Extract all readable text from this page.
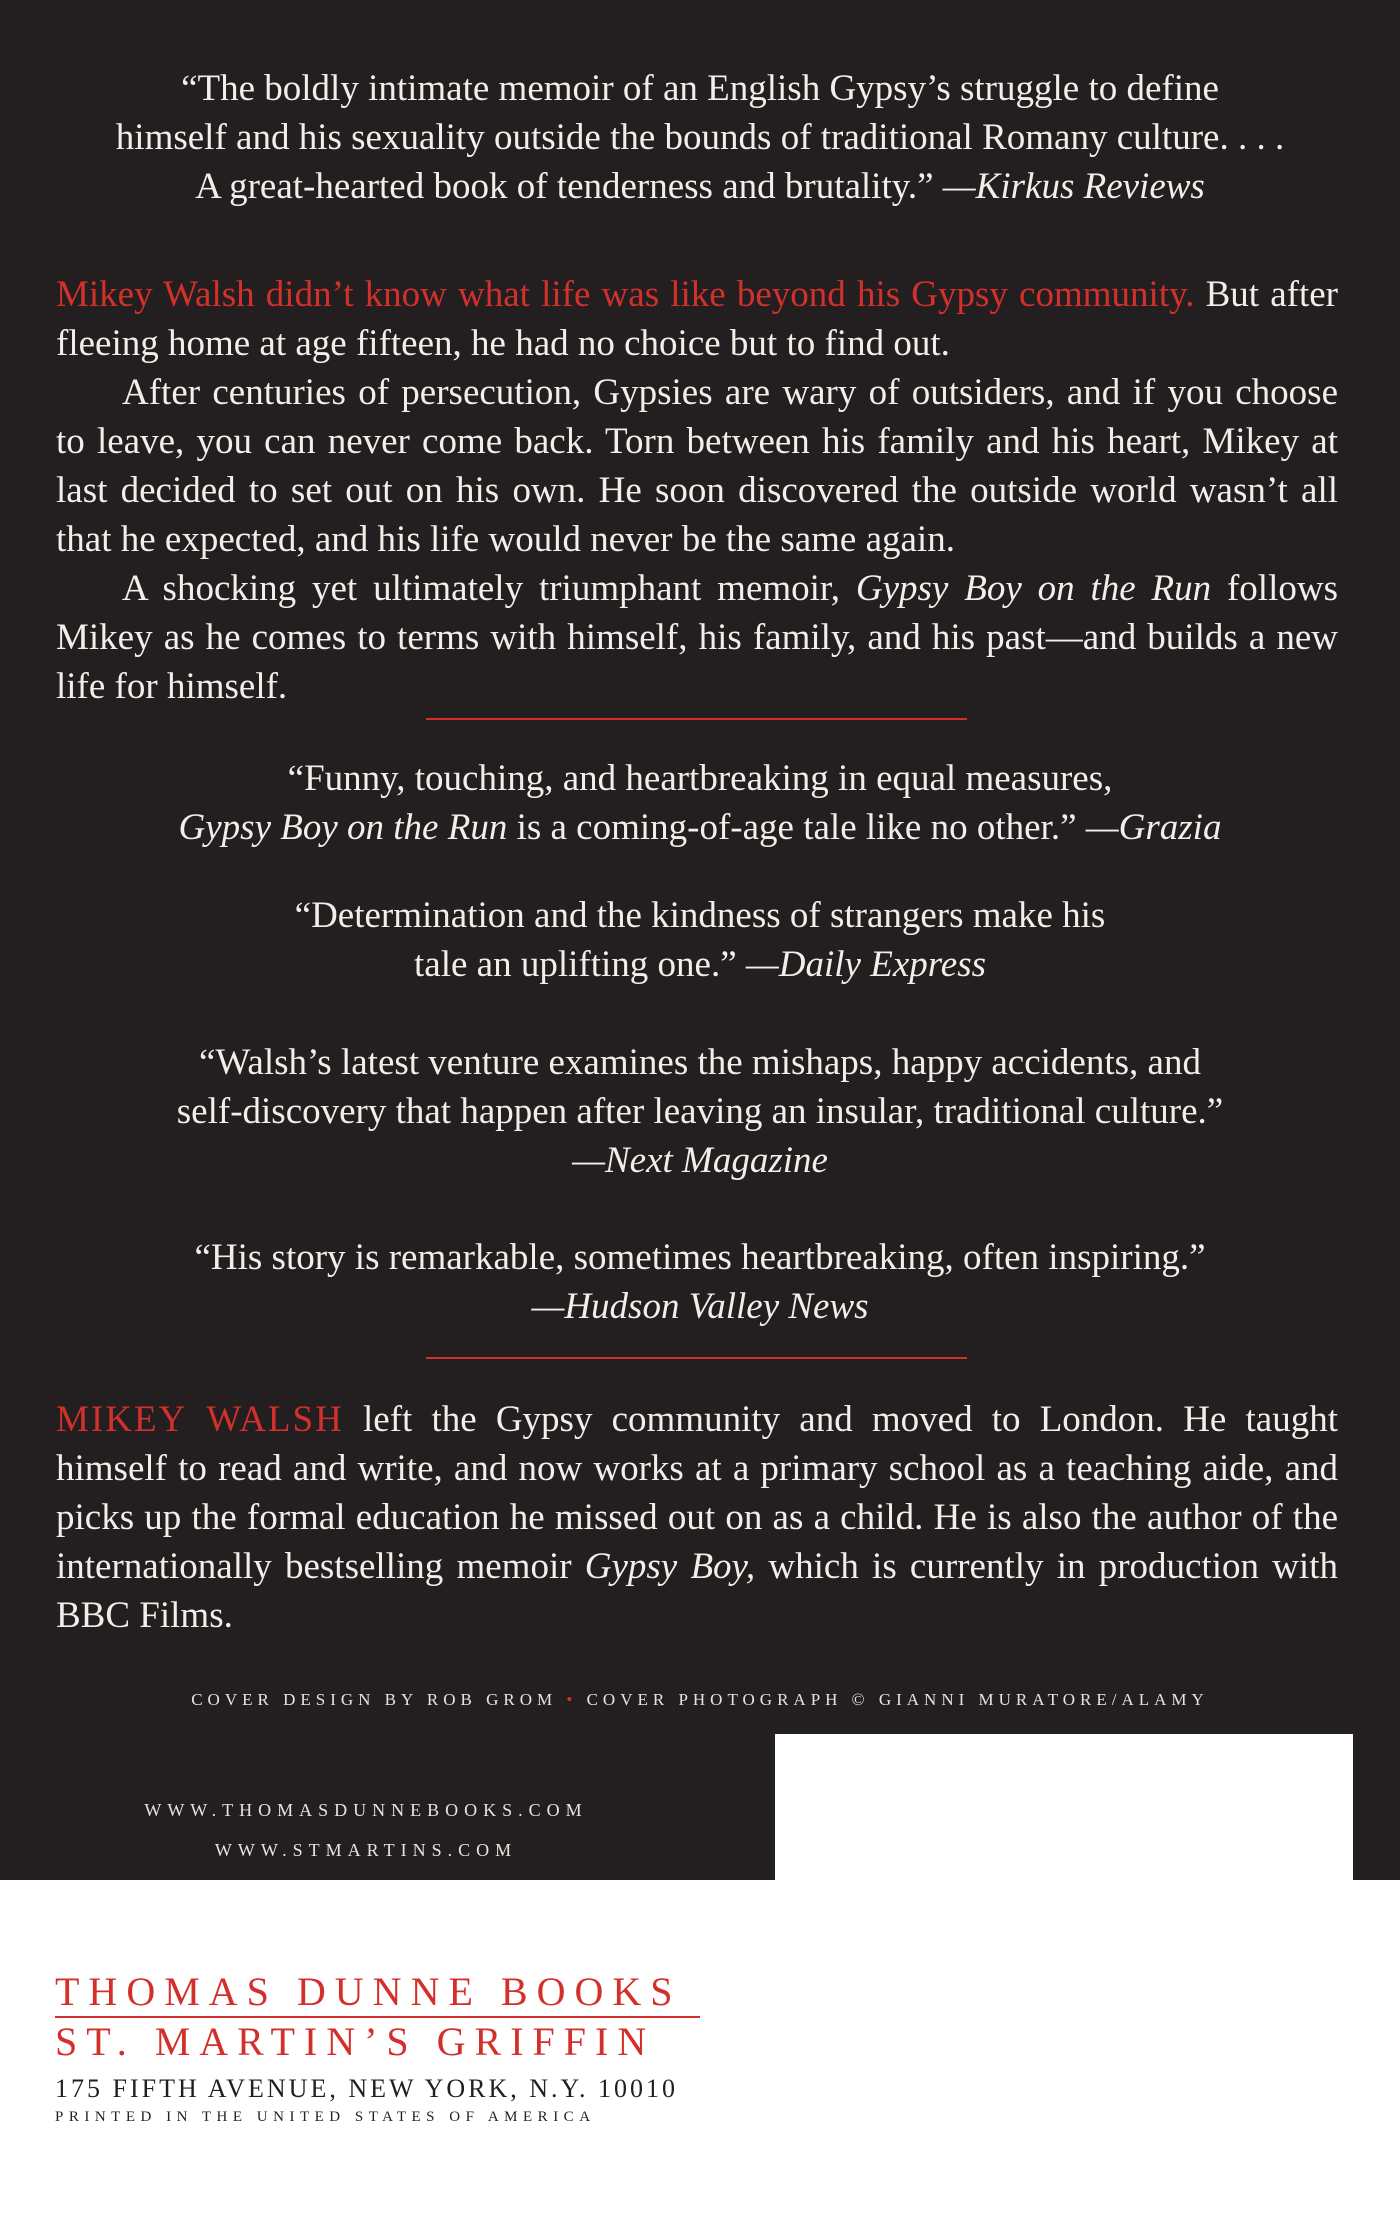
“The boldly intimate memoir of an English Gypsy’s struggle to define

himself and his sexuality outside the bounds of traditional Romany culture. . . .

A great-hearted book of tenderness and brutality.” —Kirkus Reviews

Mikey Walsh didn’t know what life was like beyond his Gypsy community. But after fleeing home at age fifteen, he had no choice but to find out.

After centuries of persecution, Gypsies are wary of outsiders, and if you choose to leave, you can never come back. Torn between his family and his heart, Mikey at last decided to set out on his own. He soon discovered the outside world wasn’t all that he expected, and his life would never be the same again.

A shocking yet ultimately triumphant memoir, Gypsy Boy on the Run follows Mikey as he comes to terms with himself, his family, and his past—and builds a new life for himself.

“Funny, touching, and heartbreaking in equal measures,

Gypsy Boy on the Run is a coming-of-age tale like no other.” —Grazia

“Determination and the kindness of strangers make his

tale an uplifting one.” —Daily Express

“Walsh’s latest venture examines the mishaps, happy accidents, and

self-discovery that happen after leaving an insular, traditional culture.”

—Next Magazine

“His story is remarkable, sometimes heartbreaking, often inspiring.”

—Hudson Valley News

MIKEY WALSH left the Gypsy community and moved to London. He taught himself to read and write, and now works at a primary school as a teaching aide, and picks up the formal education he missed out on as a child. He is also the author of the internationally bestselling memoir Gypsy Boy, which is currently in production with BBC Films.

COVER DESIGN BY ROB GROM • COVER PHOTOGRAPH © GIANNI MURATORE/ALAMY
WWW.THOMASDUNNEBOOKS.COM
WWW.STMARTINS.COM
THOMAS DUNNE BOOKS
ST. MARTIN’S GRIFFIN
175 FIFTH AVENUE, NEW YORK, N.Y. 10010
PRINTED IN THE UNITED STATES OF AMERICA
